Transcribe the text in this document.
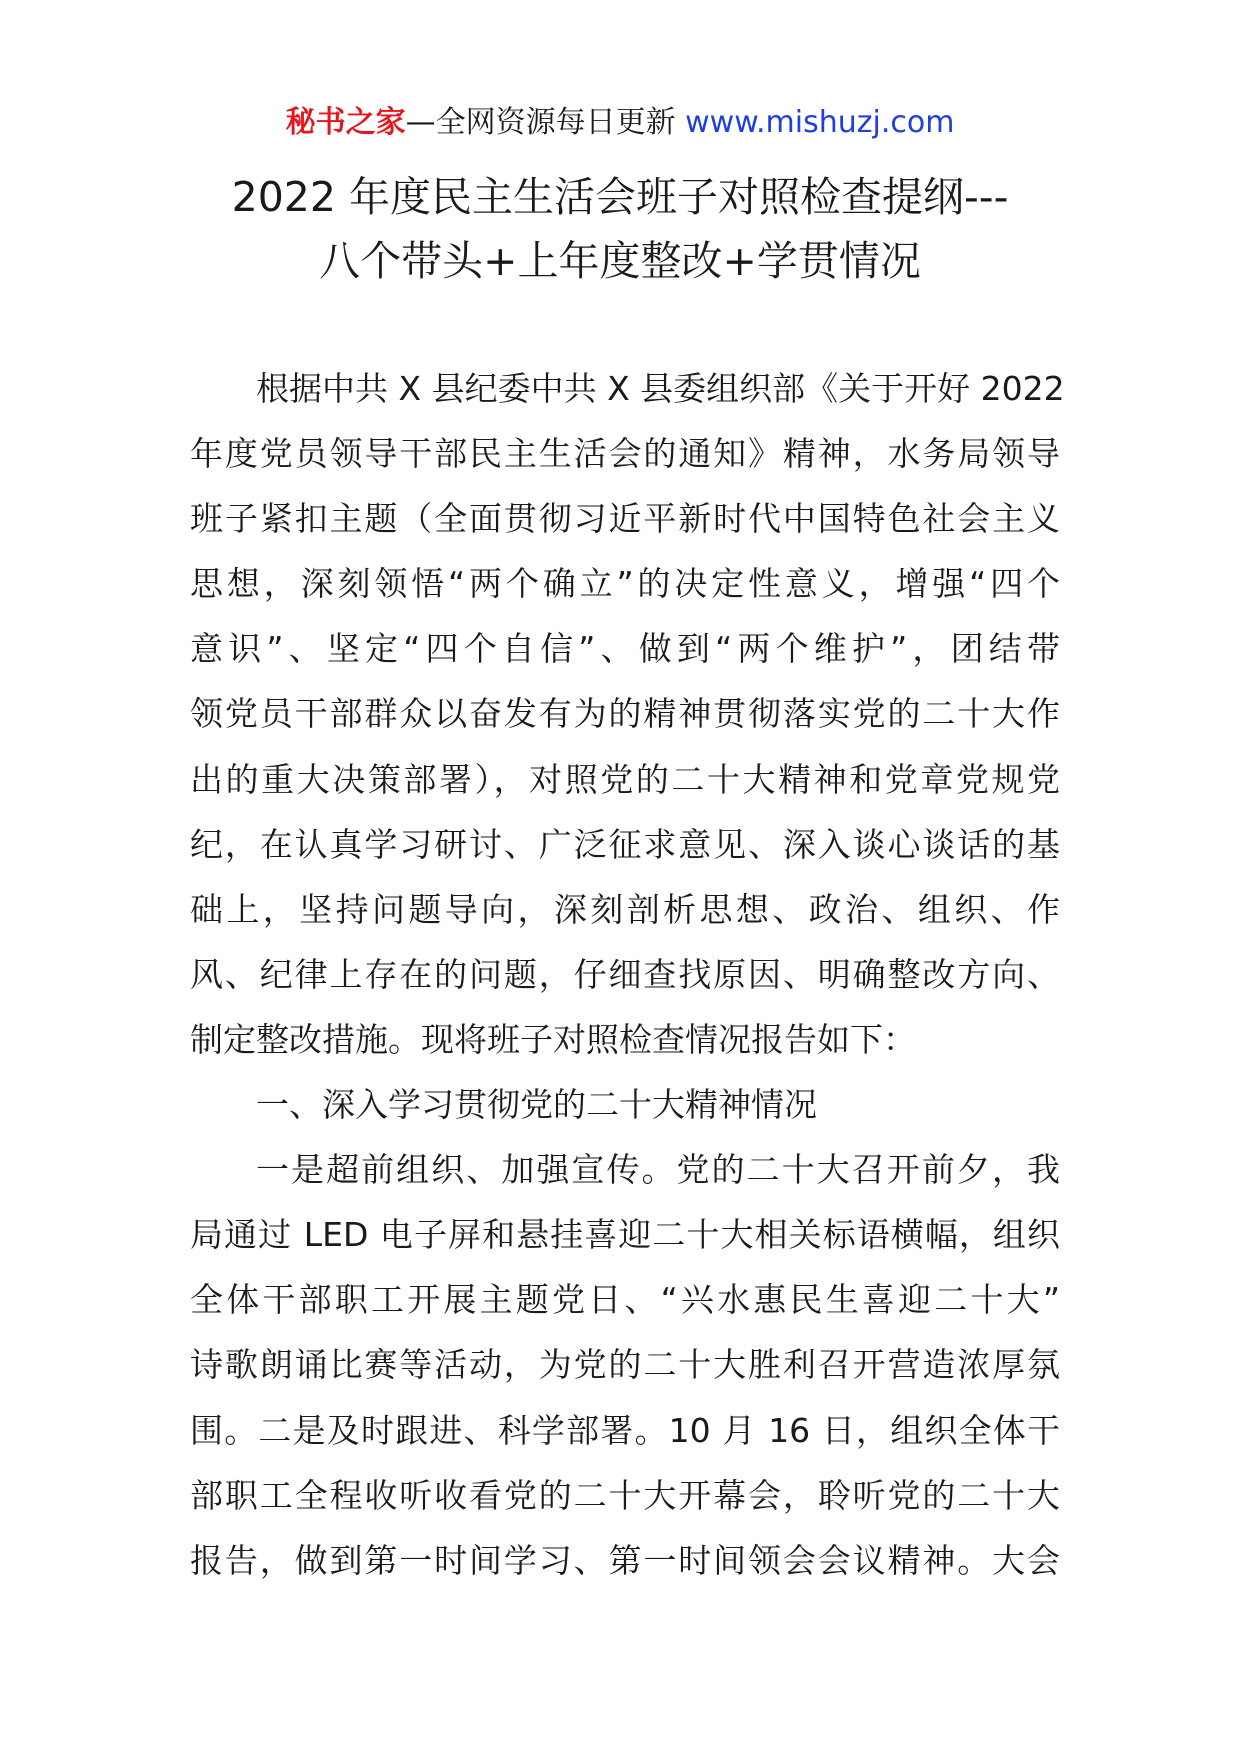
秘书之家—全网资源每日更新 www.mishuzj.com
2022 年度民主生活会班子对照检查提纲---
八个带头+上年度整改+学贯情况
根据中共 X 县纪委中共 X 县委组织部《关于开好 2022
年度党员领导干部民主生活会的通知》精神，水务局领导
班子紧扣主题（全面贯彻习近平新时代中国特色社会主义
思想，深刻领悟“两个确立”的决定性意义，增强“四个
意识”、坚定“四个自信”、做到“两个维护”，团结带
领党员干部群众以奋发有为的精神贯彻落实党的二十大作
出的重大决策部署），对照党的二十大精神和党章党规党
纪，在认真学习研讨、广泛征求意见、深入谈心谈话的基
础上，坚持问题导向，深刻剖析思想、政治、组织、作
风、纪律上存在的问题，仔细查找原因、明确整改方向、
制定整改措施。现将班子对照检查情况报告如下：
一、深入学习贯彻党的二十大精神情况
一是超前组织、加强宣传。党的二十大召开前夕，我
局通过 LED 电子屏和悬挂喜迎二十大相关标语横幅，组织
全体干部职工开展主题党日、“兴水惠民生喜迎二十大”
诗歌朗诵比赛等活动，为党的二十大胜利召开营造浓厚氛
围。二是及时跟进、科学部署。10 月 16 日，组织全体干
部职工全程收听收看党的二十大开幕会，聆听党的二十大
报告，做到第一时间学习、第一时间领会会议精神。大会
